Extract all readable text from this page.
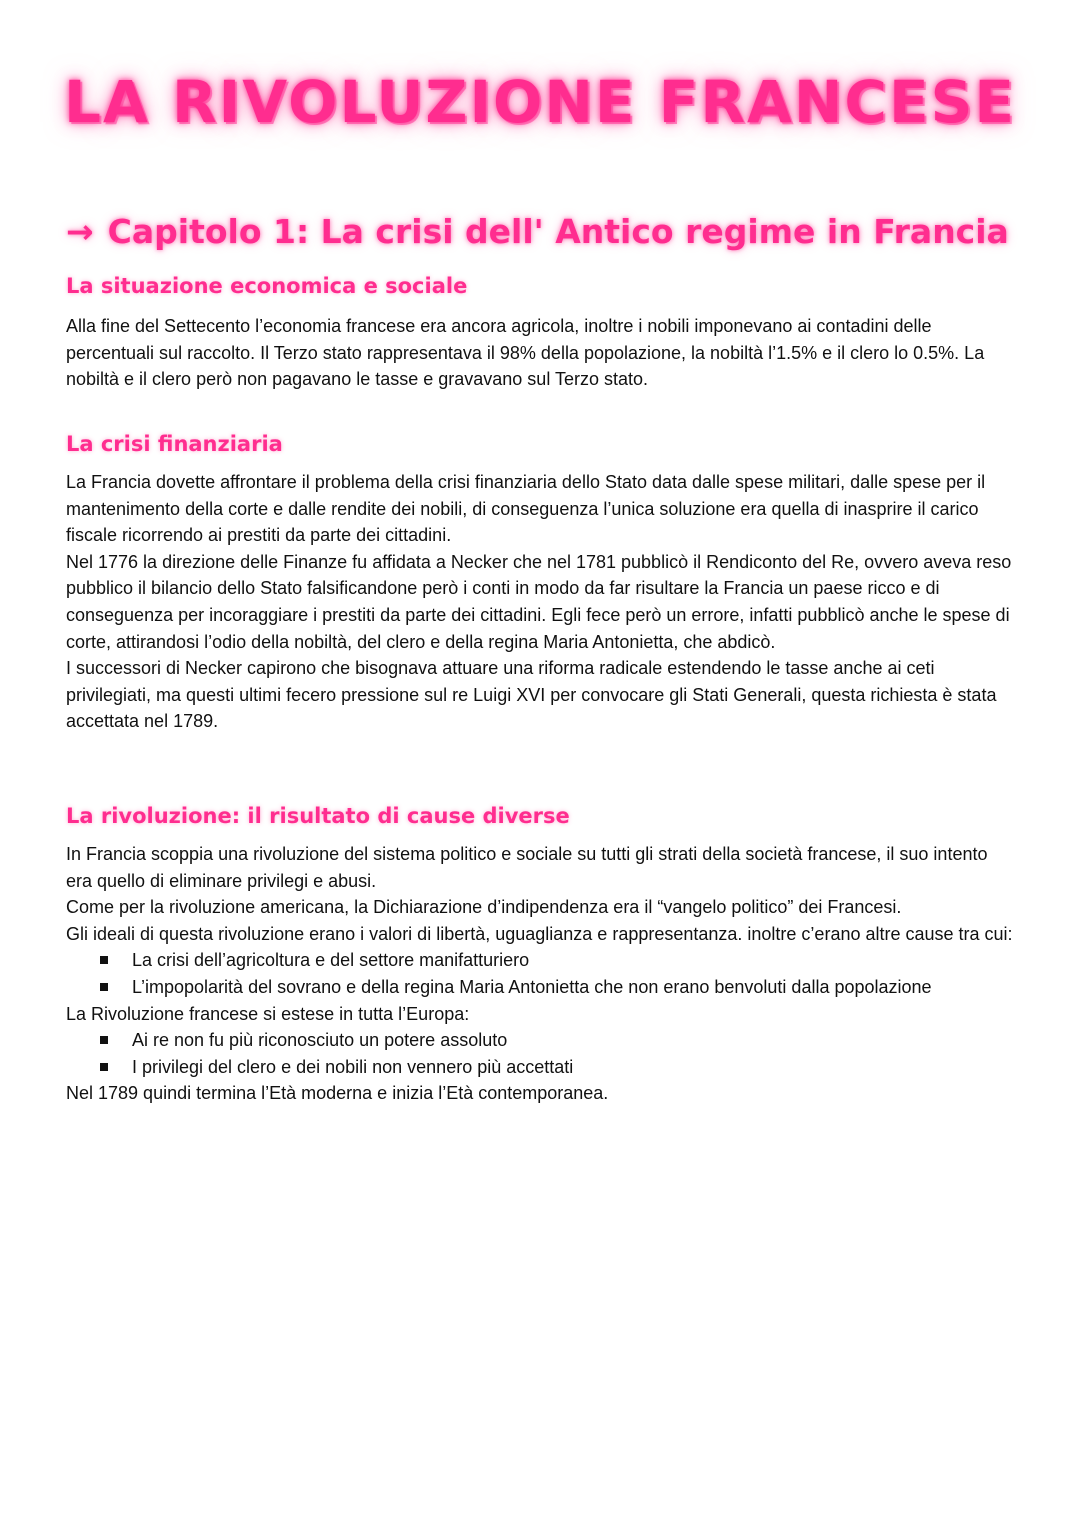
LA RIVOLUZIONE FRANCESE
→ Capitolo 1: La crisi dell' Antico regime in Francia
La situazione economica e sociale

Alla fine del Settecento l’economia francese era ancora agricola, inoltre i nobili imponevano ai contadini delle percentuali sul raccolto. Il Terzo stato rappresentava il 98% della popolazione, la nobiltà l’1.5% e il clero lo 0.5%. La nobiltà e il clero però non pagavano le tasse e gravavano sul Terzo stato.

La crisi finanziaria

La Francia dovette affrontare il problema della crisi finanziaria dello Stato data dalle spese militari, dalle spese per il mantenimento della corte e dalle rendite dei nobili, di conseguenza l’unica soluzione era quella di inasprire il carico fiscale ricorrendo ai prestiti da parte dei cittadini.

Nel 1776 la direzione delle Finanze fu affidata a Necker che nel 1781 pubblicò il Rendiconto del Re, ovvero aveva reso pubblico il bilancio dello Stato falsificandone però i conti in modo da far risultare la Francia un paese ricco e di conseguenza per incoraggiare i prestiti da parte dei cittadini. Egli fece però un errore, infatti pubblicò anche le spese di corte, attirandosi l’odio della nobiltà, del clero e della regina Maria Antonietta, che abdicò.

I successori di Necker capirono che bisognava attuare una riforma radicale estendendo le tasse anche ai ceti privilegiati, ma questi ultimi fecero pressione sul re Luigi XVI per convocare gli Stati Generali, questa richiesta è stata accettata nel 1789.

La rivoluzione: il risultato di cause diverse

In Francia scoppia una rivoluzione del sistema politico e sociale su tutti gli strati della società francese, il suo intento era quello di eliminare privilegi e abusi.

Come per la rivoluzione americana, la Dichiarazione d’indipendenza era il “vangelo politico” dei Francesi.

Gli ideali di questa rivoluzione erano i valori di libertà, uguaglianza e rappresentanza. inoltre c’erano altre cause tra cui:

La crisi dell’agricoltura e del settore manifatturiero
L’impopolarità del sovrano e della regina Maria Antonietta che non erano benvoluti dalla popolazione

La Rivoluzione francese si estese in tutta l’Europa:

Ai re non fu più riconosciuto un potere assoluto
I privilegi del clero e dei nobili non vennero più accettati

Nel 1789 quindi termina l’Età moderna e inizia l’Età contemporanea.
